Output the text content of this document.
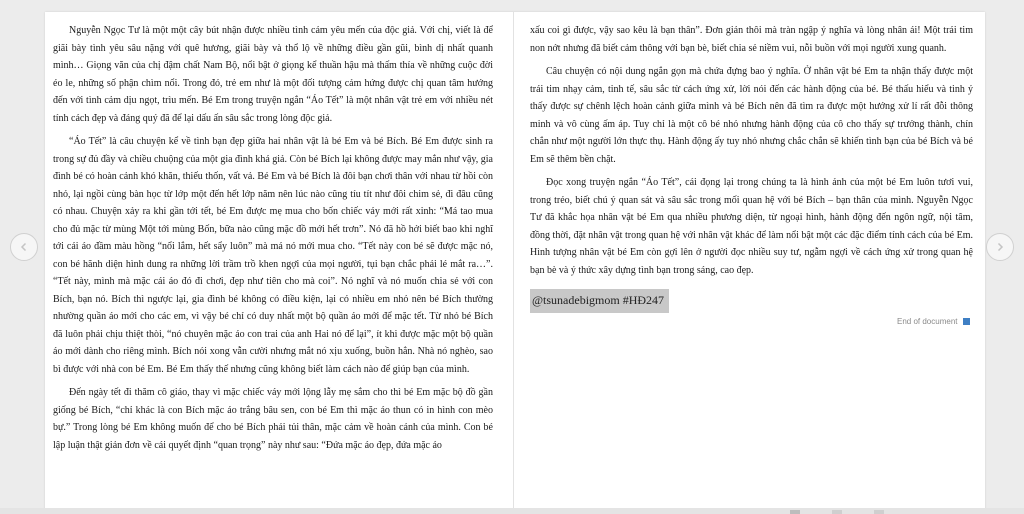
Nguyễn Ngọc Tư là một một cây bút nhận được nhiều tình cảm yêu mến của độc giả. Với chị, viết là để giãi bày tình yêu sâu nặng với quê hương, giãi bày và thổ lộ về những điều gần gũi, bình dị nhất quanh mình… Giọng văn của chị đậm chất Nam Bộ, nổi bật ở giọng kể thuần hậu mà thấm thía về những cuộc đời éo le, những số phận chìm nổi. Trong đó, trẻ em như là một đối tượng cảm hứng được chị quan tâm hướng đến với tình cảm dịu ngọt, trìu mến. Bé Em trong truyện ngắn “Áo Tết” là một nhân vật trẻ em với nhiều nét tính cách đẹp và đáng quý đã để lại dấu ấn sâu sắc trong lòng độc giả.

“Áo Tết” là câu chuyện kể về tình bạn đẹp giữa hai nhân vật là bé Em và bé Bích. Bé Em được sinh ra trong sự đủ đầy và chiều chuộng của một gia đình khá giả. Còn bé Bích lại không được may mắn như vậy, gia đình bé có hoàn cảnh khó khăn, thiếu thốn, vất vả. Bé Em và bé Bích là đôi bạn chơi thân với nhau từ hồi còn nhỏ, lại ngồi cùng bàn học từ lớp một đến hết lớp năm nên lúc nào cũng tíu tít như đôi chim sẻ, đi đâu cũng có nhau. Chuyện xảy ra khi gần tới tết, bé Em được mẹ mua cho bốn chiếc váy mới rất xinh: “Má tao mua cho đủ mặc từ mùng Một tới mùng Bốn, bữa nào cũng mặc đồ mới hết trơn”. Nó đã hồ hởi biết bao khi nghĩ tới cái áo đầm màu hồng “nổi lắm, hết sẩy luôn” mà má nó mới mua cho. “Tết này con bé sẽ được mặc nó, con bé hãnh diện hình dung ra những lời trầm trồ khen ngợi của mọi người, tụi bạn chắc phải lé mắt ra…”. “Tết này, mình mà mặc cái áo đó đi chơi, đẹp như tiên cho mà coi”. Nó nghĩ và nó muốn chia sẻ với con Bích, bạn nó. Bích thì ngược lại, gia đình bé không có điều kiện, lại có nhiều em nhỏ nên bé Bích thường nhường quần áo mới cho các em, vì vậy bé chỉ có duy nhất một bộ quần áo mới để mặc tết. Từ nhỏ bé Bích đã luôn phải chịu thiệt thòi, “nó chuyên mặc áo con trai của anh Hai nó để lại”, ít khi được mặc một bộ quần áo mới dành cho riêng mình. Bích nói xong vẫn cười nhưng mắt nó xịu xuống, buồn hẳn. Nhà nó nghèo, sao bì được với nhà con bé Em. Bé Em thấy thế nhưng cũng không biết làm cách nào để giúp bạn của mình.

Đến ngày tết đi thăm cô giáo, thay vì mặc chiếc váy mới lộng lẫy mẹ sắm cho thì bé Em mặc bộ đồ gần giống bé Bích, “chỉ khác là con Bích mặc áo trắng bâu sen, con bé Em thì mặc áo thun có in hình con mèo bự.” Trong lòng bé Em không muốn để cho bé Bích phải tủi thân, mặc cảm về hoàn cảnh của mình. Con bé lập luận thật giản đơn về cái quyết định “quan trọng” này như sau: “Đứa mặc áo đẹp, đứa mặc áo

xấu coi gì được, vậy sao kêu là bạn thân”. Đơn giản thôi mà tràn ngập ý nghĩa và lòng nhân ái! Một trái tim non nớt nhưng đã biết cảm thông với bạn bè, biết chia sẻ niềm vui, nỗi buồn với mọi người xung quanh.

Câu chuyện có nội dung ngắn gọn mà chứa đựng bao ý nghĩa. Ở nhân vật bé Em ta nhận thấy được một trái tim nhạy cảm, tinh tế, sâu sắc từ cách ứng xử, lời nói đến các hành động của bé. Bé thấu hiểu và tinh ý thấy được sự chênh lệch hoàn cảnh giữa mình và bé Bích nên đã tìm ra được một hướng xử lí rất đỗi thông minh và vô cùng ấm áp. Tuy chỉ là một cô bé nhỏ nhưng hành động của cô cho thấy sự trưởng thành, chín chắn như một người lớn thực thụ. Hành động ấy tuy nhỏ nhưng chắc chắn sẽ khiến tình bạn của bé Bích và bé Em sẽ thêm bền chặt.

Đọc xong truyện ngắn “Áo Tết”, cái đọng lại trong chúng ta là hình ảnh của một bé Em luôn tươi vui, trong trẻo, biết chú ý quan sát và sâu sắc trong mối quan hệ với bé Bích – bạn thân của mình. Nguyễn Ngọc Tư đã khắc họa nhân vật bé Em qua nhiều phương diện, từ ngoại hình, hành động đến ngôn ngữ, nội tâm, đồng thời, đặt nhân vật trong quan hệ với nhân vật khác để làm nổi bật một các đặc điểm tính cách của bé Em. Hình tượng nhân vật bé Em còn gợi lên ở người đọc nhiều suy tư, ngẫm ngợi về cách ứng xử trong quan hệ bạn bè và ý thức xây dựng tình bạn trong sáng, cao đẹp.

@tsunadebigmom #HĐ247
End of document
